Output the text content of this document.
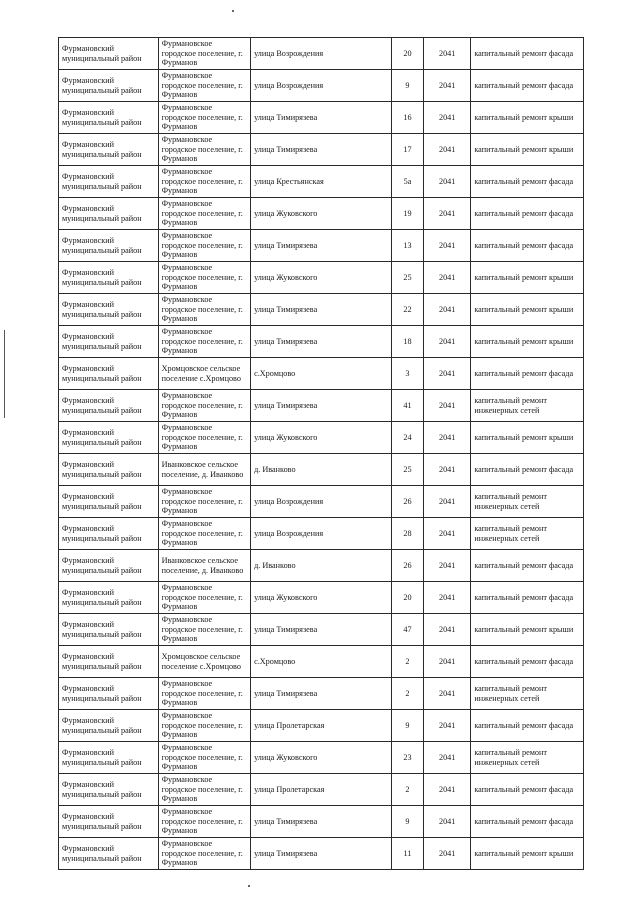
Фурмановский муниципальный район	Фурмановское городское поселение, г. Фурманов	улица Возрождения	20	2041	капитальный ремонт фасада
Фурмановский муниципальный район	Фурмановское городское поселение, г. Фурманов	улица Возрождения	9	2041	капитальный ремонт фасада
Фурмановский муниципальный район	Фурмановское городское поселение, г. Фурманов	улица Тимирязева	16	2041	капитальный ремонт крыши
Фурмановский муниципальный район	Фурмановское городское поселение, г. Фурманов	улица Тимирязева	17	2041	капитальный ремонт крыши
Фурмановский муниципальный район	Фурмановское городское поселение, г. Фурманов	улица Крестьянская	5а	2041	капитальный ремонт фасада
Фурмановский муниципальный район	Фурмановское городское поселение, г. Фурманов	улица Жуковского	19	2041	капитальный ремонт фасада
Фурмановский муниципальный район	Фурмановское городское поселение, г. Фурманов	улица Тимирязева	13	2041	капитальный ремонт фасада
Фурмановский муниципальный район	Фурмановское городское поселение, г. Фурманов	улица Жуковского	25	2041	капитальный ремонт крыши
Фурмановский муниципальный район	Фурмановское городское поселение, г. Фурманов	улица Тимирязева	22	2041	капитальный ремонт крыши
Фурмановский муниципальный район	Фурмановское городское поселение, г. Фурманов	улица Тимирязева	18	2041	капитальный ремонт крыши
Фурмановский муниципальный район	Хромцовское сельское поселение с.Хромцово	с.Хромцово	3	2041	капитальный ремонт фасада
Фурмановский муниципальный район	Фурмановское городское поселение, г. Фурманов	улица Тимирязева	41	2041	капитальный ремонт инженерных сетей
Фурмановский муниципальный район	Фурмановское городское поселение, г. Фурманов	улица Жуковского	24	2041	капитальный ремонт крыши
Фурмановский муниципальный район	Иванковское сельское поселение, д. Иванково	д. Иванково	25	2041	капитальный ремонт фасада
Фурмановский муниципальный район	Фурмановское городское поселение, г. Фурманов	улица Возрождения	26	2041	капитальный ремонт инженерных сетей
Фурмановский муниципальный район	Фурмановское городское поселение, г. Фурманов	улица Возрождения	28	2041	капитальный ремонт инженерных сетей
Фурмановский муниципальный район	Иванковское сельское поселение, д. Иванково	д. Иванково	26	2041	капитальный ремонт фасада
Фурмановский муниципальный район	Фурмановское городское поселение, г. Фурманов	улица Жуковского	20	2041	капитальный ремонт фасада
Фурмановский муниципальный район	Фурмановское городское поселение, г. Фурманов	улица Тимирязева	47	2041	капитальный ремонт крыши
Фурмановский муниципальный район	Хромцовское сельское поселение с.Хромцово	с.Хромцово	2	2041	капитальный ремонт фасада
Фурмановский муниципальный район	Фурмановское городское поселение, г. Фурманов	улица Тимирязева	2	2041	капитальный ремонт инженерных сетей
Фурмановский муниципальный район	Фурмановское городское поселение, г. Фурманов	улица Пролетарская	9	2041	капитальный ремонт фасада
Фурмановский муниципальный район	Фурмановское городское поселение, г. Фурманов	улица Жуковского	23	2041	капитальный ремонт инженерных сетей
Фурмановский муниципальный район	Фурмановское городское поселение, г. Фурманов	улица Пролетарская	2	2041	капитальный ремонт фасада
Фурмановский муниципальный район	Фурмановское городское поселение, г. Фурманов	улица Тимирязева	9	2041	капитальный ремонт фасада
Фурмановский муниципальный район	Фурмановское городское поселение, г. Фурманов	улица Тимирязева	11	2041	капитальный ремонт крыши
